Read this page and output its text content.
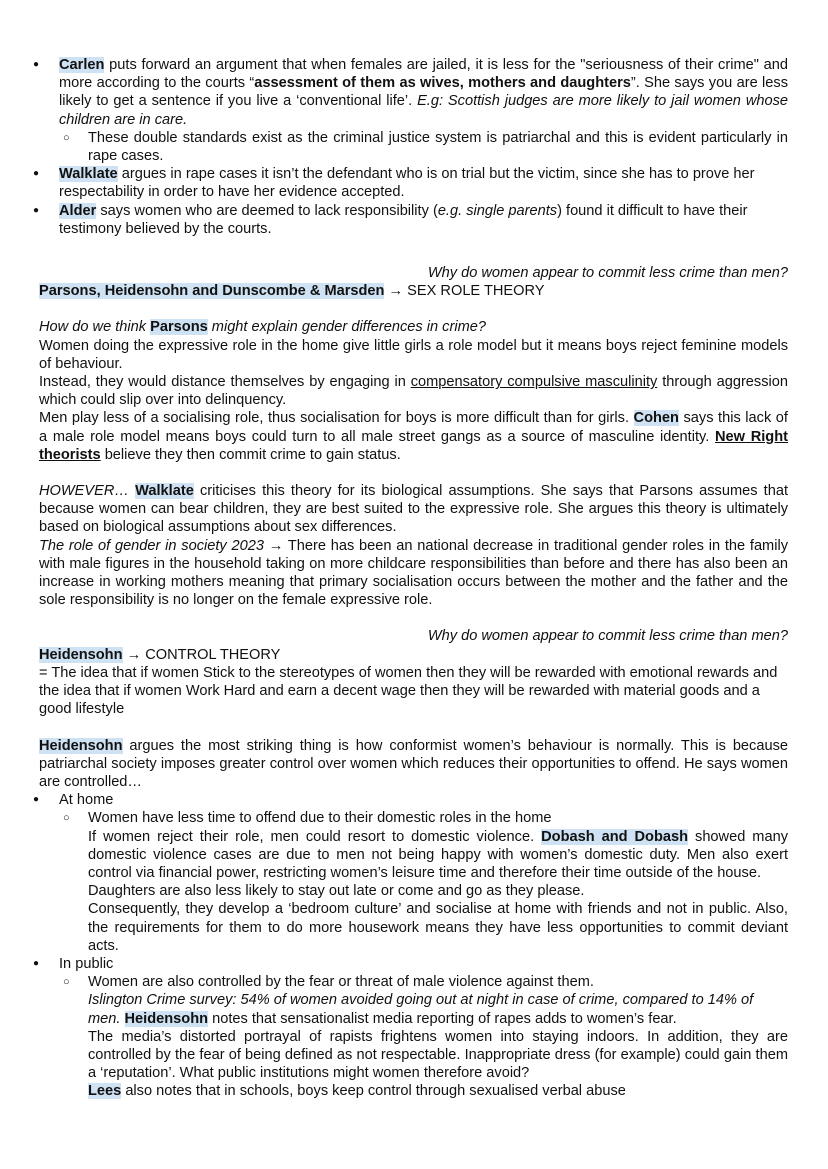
● Carlen puts forward an argument that when females are jailed, it is less for the "seriousness of their crime" and more according to the courts “assessment of them as wives, mothers and daughters”. She says you are less likely to get a sentence if you live a ‘conventional life’. E.g: Scottish judges are more likely to jail women whose children are in care.

○ These double standards exist as the criminal justice system is patriarchal and this is evident particularly in rape cases.

● Walklate argues in rape cases it isn’t the defendant who is on trial but the victim, since she has to prove her respectability in order to have her evidence accepted.

● Alder says women who are deemed to lack responsibility (e.g. single parents) found it difficult to have their testimony believed by the courts.

Why do women appear to commit less crime than men?

Parsons, Heidensohn and Dunscombe & Marsden → SEX ROLE THEORY

How do we think Parsons might explain gender differences in crime?

Women doing the expressive role in the home give little girls a role model but it means boys reject feminine models of behaviour.

Instead, they would distance themselves by engaging in compensatory compulsive masculinity through aggression which could slip over into delinquency.

Men play less of a socialising role, thus socialisation for boys is more difficult than for girls. Cohen says this lack of a male role model means boys could turn to all male street gangs as a source of masculine identity. New Right theorists believe they then commit crime to gain status.

HOWEVER… Walklate criticises this theory for its biological assumptions. She says that Parsons assumes that because women can bear children, they are best suited to the expressive role. She argues this theory is ultimately based on biological assumptions about sex differences.

The role of gender in society 2023 → There has been an national decrease in traditional gender roles in the family with male figures in the household taking on more childcare responsibilities than before and there has also been an increase in working mothers meaning that primary socialisation occurs between the mother and the father and the sole responsibility is no longer on the female expressive role.

Why do women appear to commit less crime than men?

Heidensohn → CONTROL THEORY

= The idea that if women Stick to the stereotypes of women then they will be rewarded with emotional rewards and the idea that if women Work Hard and earn a decent wage then they will be rewarded with material goods and a good lifestyle

Heidensohn argues the most striking thing is how conformist women’s behaviour is normally. This is because patriarchal society imposes greater control over women which reduces their opportunities to offend. He says women are controlled…

● At home

○ Women have less time to offend due to their domestic roles in the home

If women reject their role, men could resort to domestic violence. Dobash and Dobash showed many domestic violence cases are due to men not being happy with women’s domestic duty. Men also exert control via financial power, restricting women’s leisure time and therefore their time outside of the house.

Daughters are also less likely to stay out late or come and go as they please.

Consequently, they develop a ‘bedroom culture’ and socialise at home with friends and not in public. Also, the requirements for them to do more housework means they have less opportunities to commit deviant acts.

● In public

○ Women are also controlled by the fear or threat of male violence against them.

Islington Crime survey: 54% of women avoided going out at night in case of crime, compared to 14% of men. Heidensohn notes that sensationalist media reporting of rapes adds to women’s fear.

The media’s distorted portrayal of rapists frightens women into staying indoors. In addition, they are controlled by the fear of being defined as not respectable. Inappropriate dress (for example) could gain them a ‘reputation’. What public institutions might women therefore avoid?

Lees also notes that in schools, boys keep control through sexualised verbal abuse
